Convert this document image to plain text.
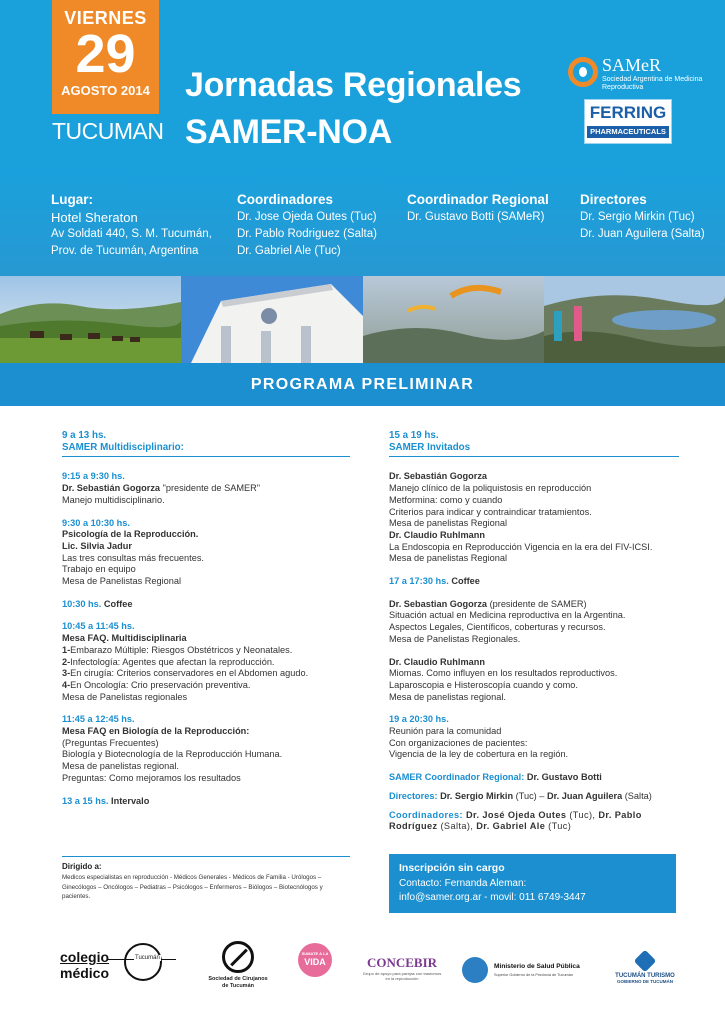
VIERNES
29
AGOSTO 2014
TUCUMAN
Jornadas Regionales
SAMER-NOA
SAMeR
Sociedad Argentina de Medicina Reproductiva
FERRING
PHARMACEUTICALS
Lugar:
Hotel Sheraton
Av Soldati 440, S. M. Tucumán,
Prov. de Tucumán, Argentina
Coordinadores
Dr. Jose Ojeda Outes (Tuc)
Dr. Pablo Rodriguez (Salta)
Dr. Gabriel Ale (Tuc)
Coordinador Regional
Dr. Gustavo Botti (SAMeR)
Directores
Dr. Sergio Mirkin (Tuc)
Dr. Juan Aguilera (Salta)
PROGRAMA PRELIMINAR
9 a 13 hs.
SAMER Multidisciplinario:
9:15 a 9:30 hs.
Dr. Sebastián Gogorza "presidente de SAMER"
Manejo multidisciplinario.
9:30 a 10:30 hs.
Psicología de la Reproducción.
Lic. Silvia Jadur
Las tres consultas más frecuentes.
Trabajo en equipo
Mesa de Panelistas Regional
10:30 hs. Coffee
10:45 a 11:45 hs.
Mesa FAQ. Multidisciplinaria
1-Embarazo Múltiple: Riesgos Obstétricos y Neonatales.
2-Infectología: Agentes que afectan la reproducción.
3-En cirugía: Criterios conservadores en el Abdomen agudo.
4-En Oncología: Crio preservación preventiva.
Mesa de Panelistas regionales
11:45 a 12:45 hs.
Mesa FAQ en Biología de la Reproducción:
(Preguntas Frecuentes)
Biología y Biotecnología de la Reproducción Humana.
Mesa de panelistas regional.
Preguntas: Como mejoramos los resultados
13 a 15 hs. Intervalo
15 a 19 hs.
SAMER Invitados
Dr. Sebastián Gogorza
Manejo clínico de la poliquistosis en reproducción
Metformina: como y cuando
Criterios para indicar y contraindicar tratamientos.
Mesa de panelistas Regional
Dr. Claudio Ruhlmann
La Endoscopia en Reproducción Vigencia en la era del FIV-ICSI.
Mesa de panelistas Regional
17 a 17:30 hs. Coffee
Dr. Sebastian Gogorza (presidente de SAMER)
Situación actual en Medicina reproductiva en la Argentina.
Aspectos Legales, Científicos, coberturas y recursos.
Mesa de Panelistas Regionales.
Dr. Claudio Ruhlmann
Miomas. Como influyen en los resultados reproductivos.
Laparoscopia e Histeroscopía cuando y como.
Mesa de panelistas regional.
19 a 20:30 hs.
Reunión para la comunidad
Con organizaciones de pacientes:
Vigencia de la ley de cobertura en la región.
SAMER Coordinador Regional: Dr. Gustavo Botti
Directores: Dr. Sergio Mirkin (Tuc) – Dr. Juan Aguilera (Salta)
Coordinadores: Dr. José Ojeda Outes (Tuc), Dr. Pablo Rodríguez (Salta), Dr. Gabriel Ale (Tuc)
Dirigido a:
Medicos especialistas en reproducción - Médicos Generales - Médicos de Familia - Urólogos – Ginecólogos – Oncólogos – Pediatras – Psicólogos – Enfermeros – Biólogos – Biotecnólogos y pacientes.
Inscripción sin cargo
Contacto: Fernanda Aleman:
info@samer.org.ar - movil: 011 6749-3447
colegio
médico
Tucumán
Sociedad de Cirujanos
de Tucumán
SUMATE A LA
VIDA	CONCEBIR
Grupo de apoyo para parejas con trastornos en la reproducción
Ministerio de Salud Pública
Superior Gobierno de la Provincia de Tucumán	TUCUMÁN TURISMO
GOBIERNO DE TUCUMÁN
